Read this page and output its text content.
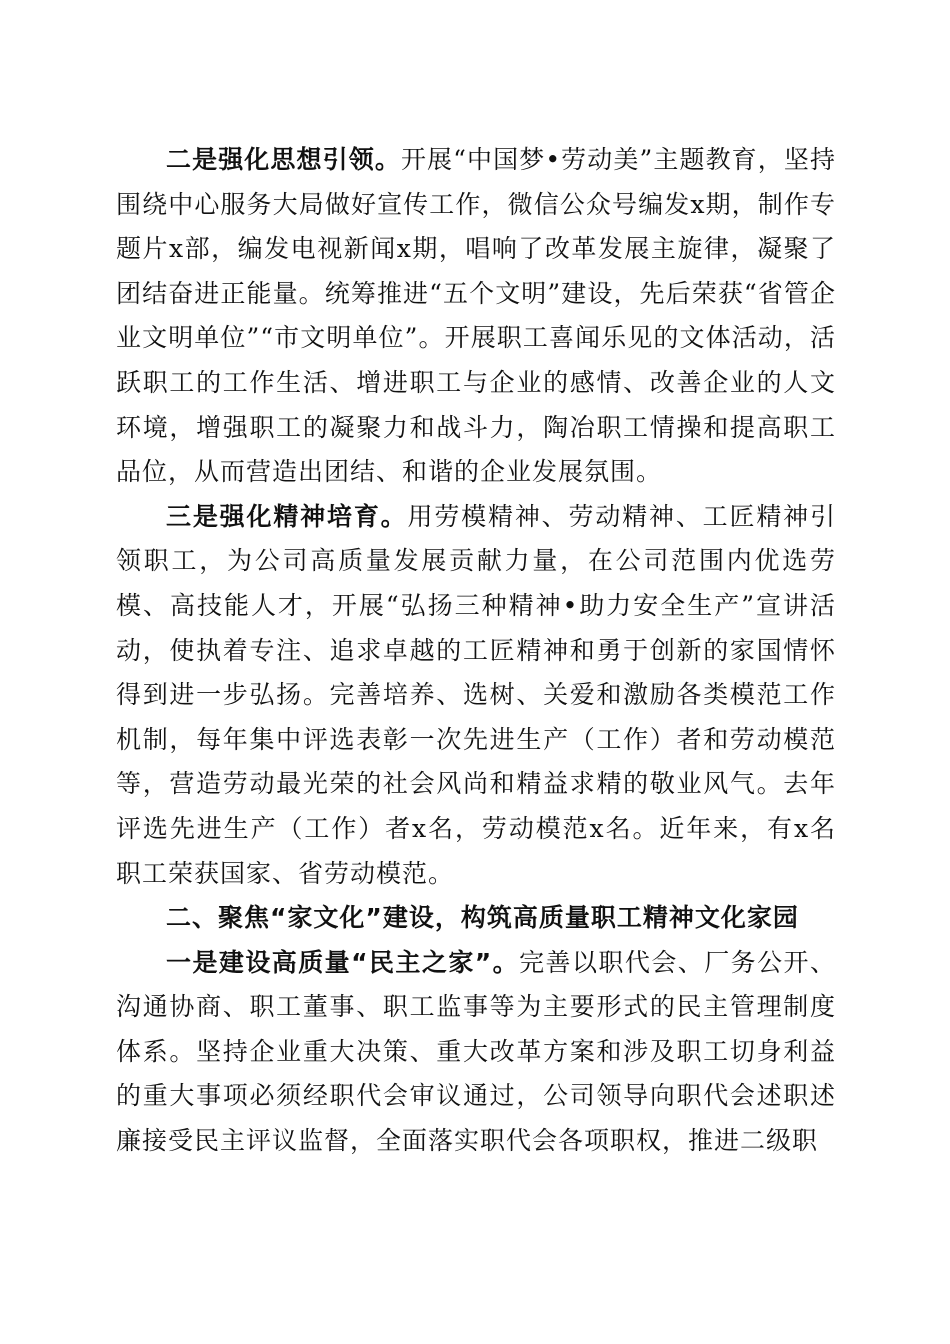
二是强化思想引领。开展“中国梦•劳动美”主题教育，坚持围绕中心服务大局做好宣传工作，微信公众号编发x期，制作专题片x部，编发电视新闻x期，唱响了改革发展主旋律，凝聚了团结奋进正能量。统筹推进“五个文明”建设，先后荣获“省管企业文明单位”“市文明单位”。开展职工喜闻乐见的文体活动，活跃职工的工作生活、增进职工与企业的感情、改善企业的人文环境，增强职工的凝聚力和战斗力，陶冶职工情操和提高职工品位，从而营造出团结、和谐的企业发展氛围。

三是强化精神培育。用劳模精神、劳动精神、工匠精神引领职工，为公司高质量发展贡献力量，在公司范围内优选劳模、高技能人才，开展“弘扬三种精神•助力安全生产”宣讲活动，使执着专注、追求卓越的工匠精神和勇于创新的家国情怀得到进一步弘扬。完善培养、选树、关爱和激励各类模范工作机制，每年集中评选表彰一次先进生产（工作）者和劳动模范等，营造劳动最光荣的社会风尚和精益求精的敬业风气。去年评选先进生产（工作）者x名，劳动模范x名。近年来，有x名职工荣获国家、省劳动模范。

二、聚焦“家文化”建设，构筑高质量职工精神文化家园

一是建设高质量“民主之家”。完善以职代会、厂务公开、沟通协商、职工董事、职工监事等为主要形式的民主管理制度体系。坚持企业重大决策、重大改革方案和涉及职工切身利益的重大事项必须经职代会审议通过，公司领导向职代会述职述廉接受民主评议监督，全面落实职代会各项职权，推进二级职
